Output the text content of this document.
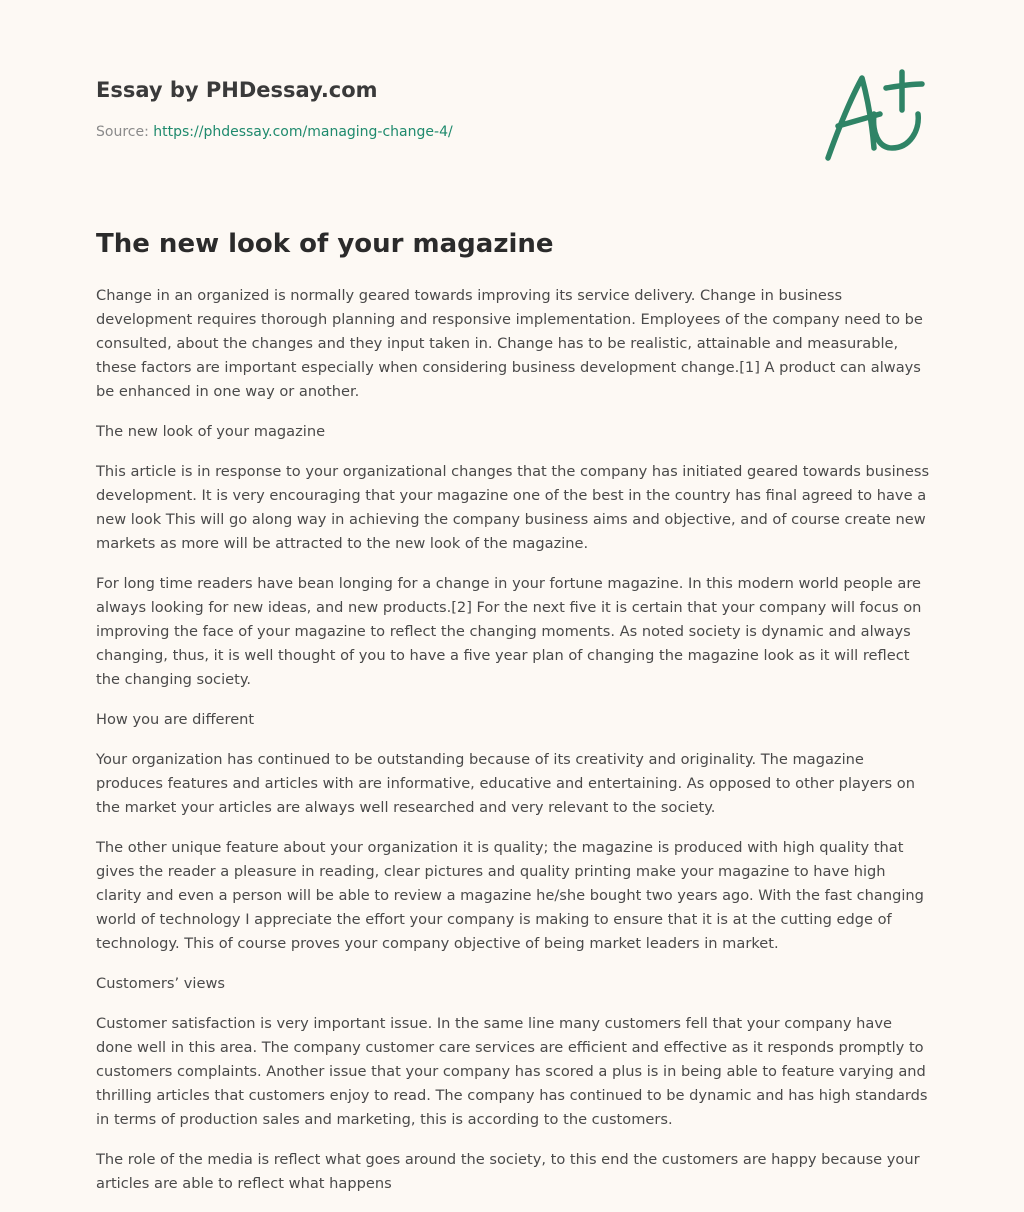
Essay by PHDessay.com
Source: https://phdessay.com/managing-change-4/
The new look of your magazine

Change in an organized is normally geared towards improving its service delivery. Change in business development requires thorough planning and responsive implementation. Employees of the company need to be consulted, about the changes and they input taken in. Change has to be realistic, attainable and measurable, these factors are important especially when considering business development change.[1] A product can always be enhanced in one way or another.

The new look of your magazine

This article is in response to your organizational changes that the company has initiated geared towards business development. It is very encouraging that your magazine one of the best in the country has final agreed to have a new look This will go along way in achieving the company business aims and objective, and of course create new markets as more will be attracted to the new look of the magazine.

For long time readers have bean longing for a change in your fortune magazine. In this modern world people are always looking for new ideas, and new products.[2] For the next five it is certain that your company will focus on improving the face of your magazine to reflect the changing moments. As noted society is dynamic and always changing, thus, it is well thought of you to have a five year plan of changing the magazine look as it will reflect the changing society.

How you are different

Your organization has continued to be outstanding because of its creativity and originality. The magazine produces features and articles with are informative, educative and entertaining. As opposed to other players on the market your articles are always well researched and very relevant to the society.

The other unique feature about your organization it is quality; the magazine is produced with high quality that gives the reader a pleasure in reading, clear pictures and quality printing make your magazine to have high clarity and even a person will be able to review a magazine he/she bought two years ago. With the fast changing world of technology I appreciate the effort your company is making to ensure that it is at the cutting edge of technology. This of course proves your company objective of being market leaders in market.

Customers’ views

Customer satisfaction is very important issue. In the same line many customers fell that your company have done well in this area. The company customer care services are efficient and effective as it responds promptly to customers complaints. Another issue that your company has scored a plus is in being able to feature varying and thrilling articles that customers enjoy to read. The company has continued to be dynamic and has high standards in terms of production sales and marketing, this is according to the customers.

The role of the media is reflect what goes around the society, to this end the customers are happy because your articles are able to reflect what happens
